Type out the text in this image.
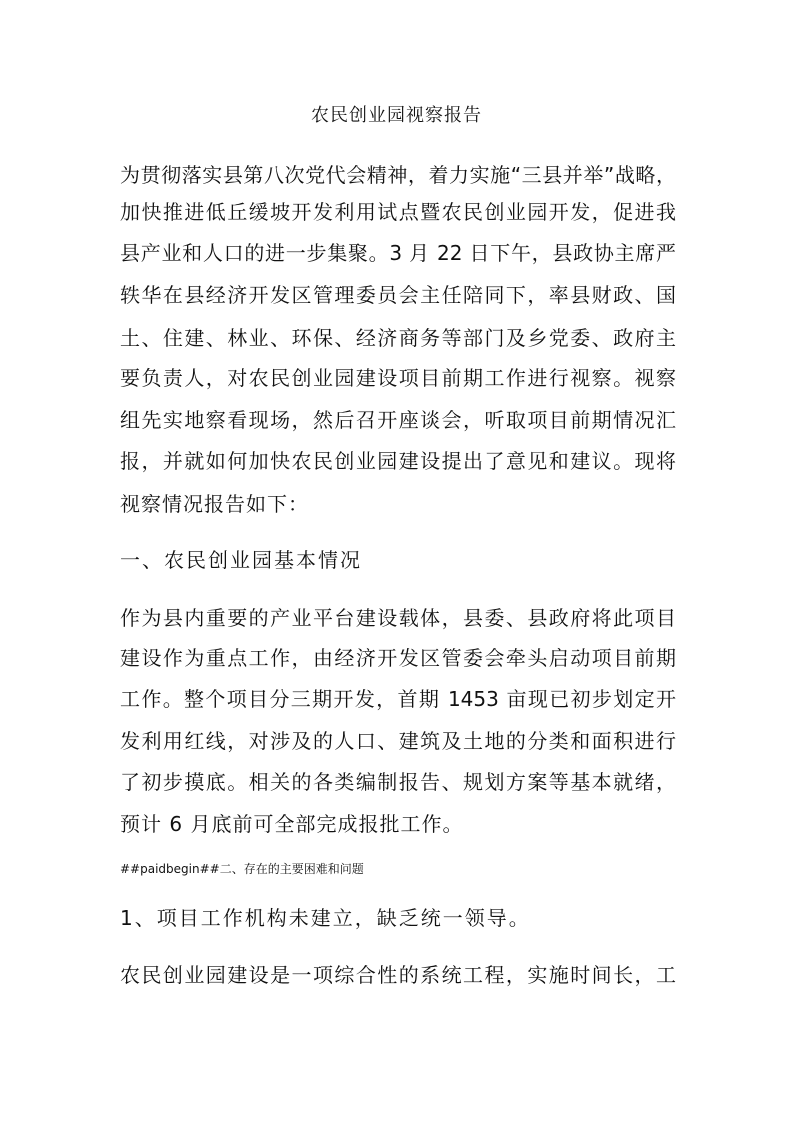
农民创业园视察报告
为贯彻落实县第八次党代会精神，着力实施“三县并举”战略，
加快推进低丘缓坡开发利用试点暨农民创业园开发，促进我
县产业和人口的进一步集聚。3 月 22 日下午，县政协主席严
轶华在县经济开发区管理委员会主任陪同下，率县财政、国
土、住建、林业、环保、经济商务等部门及乡党委、政府主
要负责人，对农民创业园建设项目前期工作进行视察。视察
组先实地察看现场，然后召开座谈会，听取项目前期情况汇
报，并就如何加快农民创业园建设提出了意见和建议。现将
视察情况报告如下：
一、农民创业园基本情况
作为县内重要的产业平台建设载体，县委、县政府将此项目
建设作为重点工作，由经济开发区管委会牵头启动项目前期
工作。整个项目分三期开发，首期 1453 亩现已初步划定开
发利用红线，对涉及的人口、建筑及土地的分类和面积进行
了初步摸底。相关的各类编制报告、规划方案等基本就绪，
预计 6 月底前可全部完成报批工作。
##paidbegin##二、存在的主要困难和问题
1、项目工作机构未建立，缺乏统一领导。
农民创业园建设是一项综合性的系统工程，实施时间长，工
